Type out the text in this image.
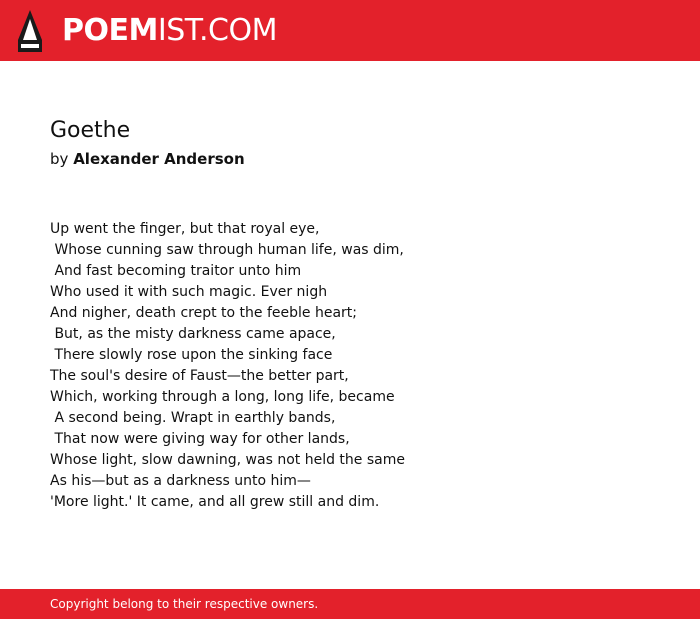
POEMIST.COM
Goethe
by Alexander Anderson
Up went the finger, but that royal eye,
Whose cunning saw through human life, was dim,
And fast becoming traitor unto him
Who used it with such magic. Ever nigh
And nigher, death crept to the feeble heart;
But, as the misty darkness came apace,
There slowly rose upon the sinking face
The soul's desire of Faust—the better part,
Which, working through a long, long life, became
A second being. Wrapt in earthly bands,
That now were giving way for other lands,
Whose light, slow dawning, was not held the same
As his—but as a darkness unto him—
'More light.' It came, and all grew still and dim.
Copyright belong to their respective owners.
